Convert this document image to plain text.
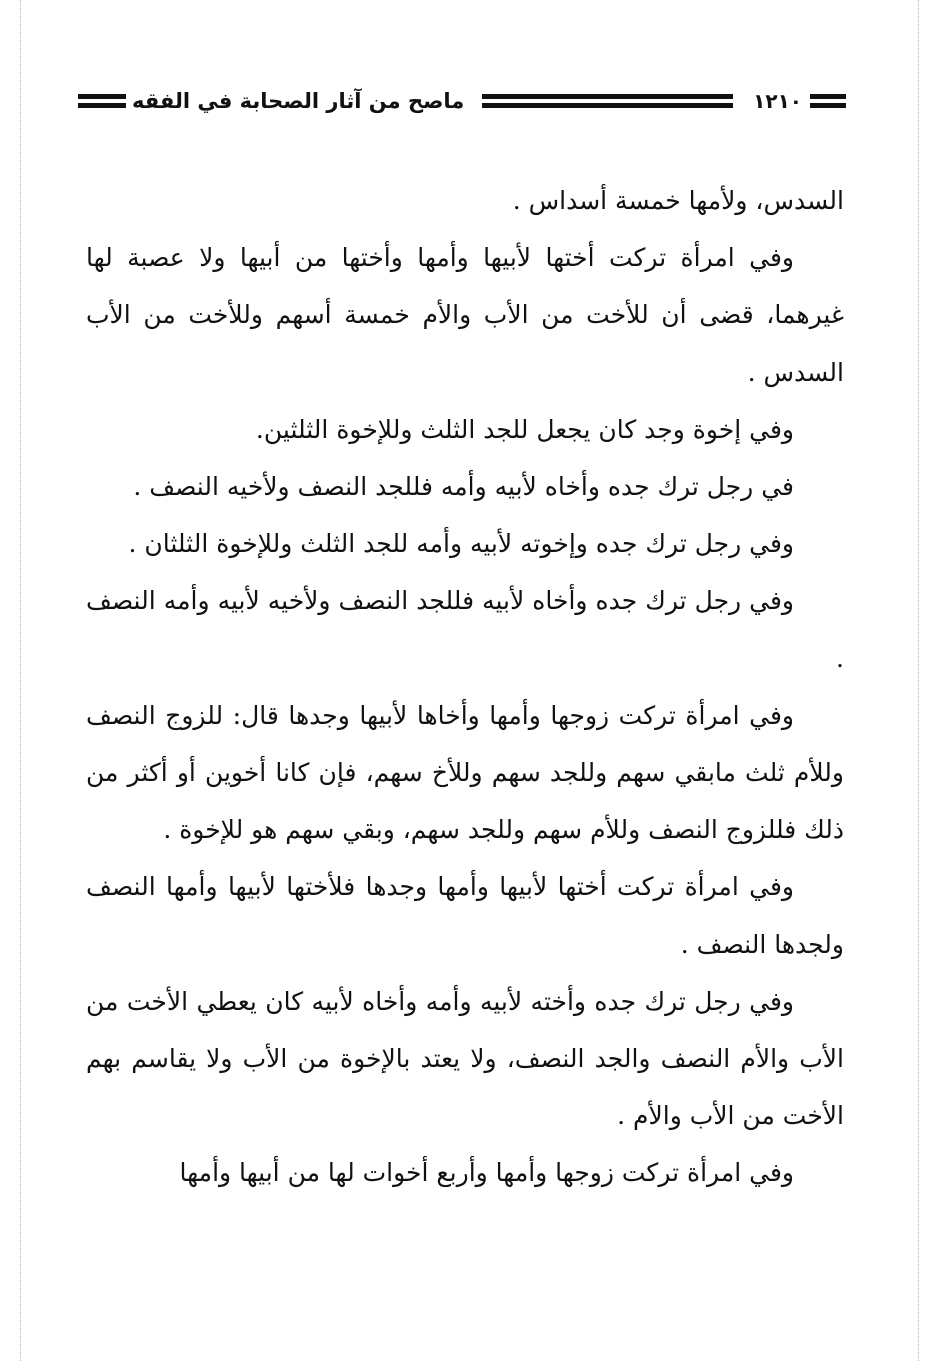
١٢١٠
ماصح من آثار الصحابة في الفقه

السدس، ولأمها خمسة أسداس .

وفي امرأة تركت أختها لأبيها وأمها وأختها من أبيها ولا عصبة لها غيرهما، قضى أن للأخت من الأب والأم خمسة أسهم وللأخت من الأب السدس .

وفي إخوة وجد كان يجعل للجد الثلث وللإخوة الثلثين.

في رجل ترك جده وأخاه لأبيه وأمه فللجد النصف ولأخيه النصف .

وفي رجل ترك جده وإخوته لأبيه وأمه للجد الثلث وللإخوة الثلثان .

وفي رجل ترك جده وأخاه لأبيه فللجد النصف ولأخيه لأبيه وأمه النصف .

وفي امرأة تركت زوجها وأمها وأخاها لأبيها وجدها قال: للزوج النصف وللأم ثلث مابقي سهم وللجد سهم وللأخ سهم، فإن كانا أخوين أو أكثر من ذلك فللزوج النصف وللأم سهم وللجد سهم، وبقي سهم هو للإخوة .

وفي امرأة تركت أختها لأبيها وأمها وجدها فلأختها لأبيها وأمها النصف ولجدها النصف .

وفي رجل ترك جده وأخته لأبيه وأمه وأخاه لأبيه كان يعطي الأخت من الأب والأم النصف والجد النصف، ولا يعتد بالإخوة من الأب ولا يقاسم بهم الأخت من الأب والأم .

وفي امرأة تركت زوجها وأمها وأربع أخوات لها من أبيها وأمها
